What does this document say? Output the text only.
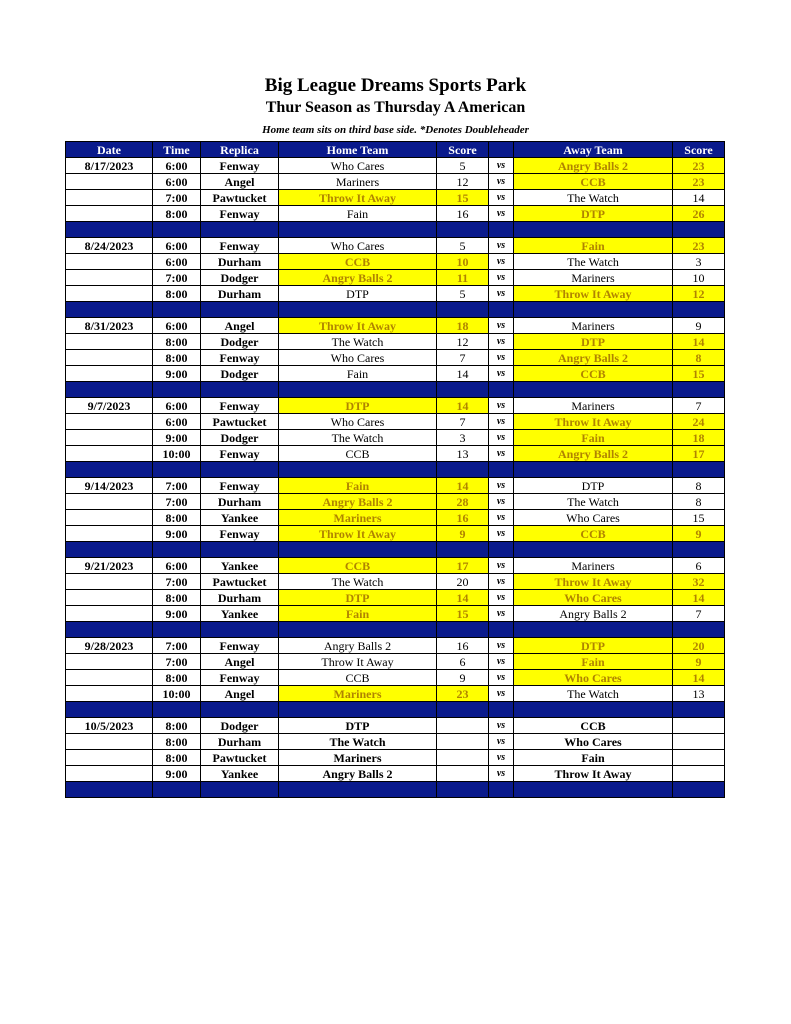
Big League Dreams Sports Park
Thur Season as Thursday A American
Home team sits on third base side. *Denotes Doubleheader
Date	Time	Replica	Home Team	Score		Away Team	Score
8/17/2023	6:00	Fenway	Who Cares	5	vs	Angry Balls 2	23
	6:00	Angel	Mariners	12	vs	CCB	23
	7:00	Pawtucket	Throw It Away	15	vs	The Watch	14
	8:00	Fenway	Fain	16	vs	DTP	26

8/24/2023	6:00	Fenway	Who Cares	5	vs	Fain	23
	6:00	Durham	CCB	10	vs	The Watch	3
	7:00	Dodger	Angry Balls 2	11	vs	Mariners	10
	8:00	Durham	DTP	5	vs	Throw It Away	12

8/31/2023	6:00	Angel	Throw It Away	18	vs	Mariners	9
	8:00	Dodger	The Watch	12	vs	DTP	14
	8:00	Fenway	Who Cares	7	vs	Angry Balls 2	8
	9:00	Dodger	Fain	14	vs	CCB	15

9/7/2023	6:00	Fenway	DTP	14	vs	Mariners	7
	6:00	Pawtucket	Who Cares	7	vs	Throw It Away	24
	9:00	Dodger	The Watch	3	vs	Fain	18
	10:00	Fenway	CCB	13	vs	Angry Balls 2	17

9/14/2023	7:00	Fenway	Fain	14	vs	DTP	8
	7:00	Durham	Angry Balls 2	28	vs	The Watch	8
	8:00	Yankee	Mariners	16	vs	Who Cares	15
	9:00	Fenway	Throw It Away	9	vs	CCB	9

9/21/2023	6:00	Yankee	CCB	17	vs	Mariners	6
	7:00	Pawtucket	The Watch	20	vs	Throw It Away	32
	8:00	Durham	DTP	14	vs	Who Cares	14
	9:00	Yankee	Fain	15	vs	Angry Balls 2	7

9/28/2023	7:00	Fenway	Angry Balls 2	16	vs	DTP	20
	7:00	Angel	Throw It Away	6	vs	Fain	9
	8:00	Fenway	CCB	9	vs	Who Cares	14
	10:00	Angel	Mariners	23	vs	The Watch	13

10/5/2023	8:00	Dodger	DTP		vs	CCB	
	8:00	Durham	The Watch		vs	Who Cares	
	8:00	Pawtucket	Mariners		vs	Fain	
	9:00	Yankee	Angry Balls 2		vs	Throw It Away	
